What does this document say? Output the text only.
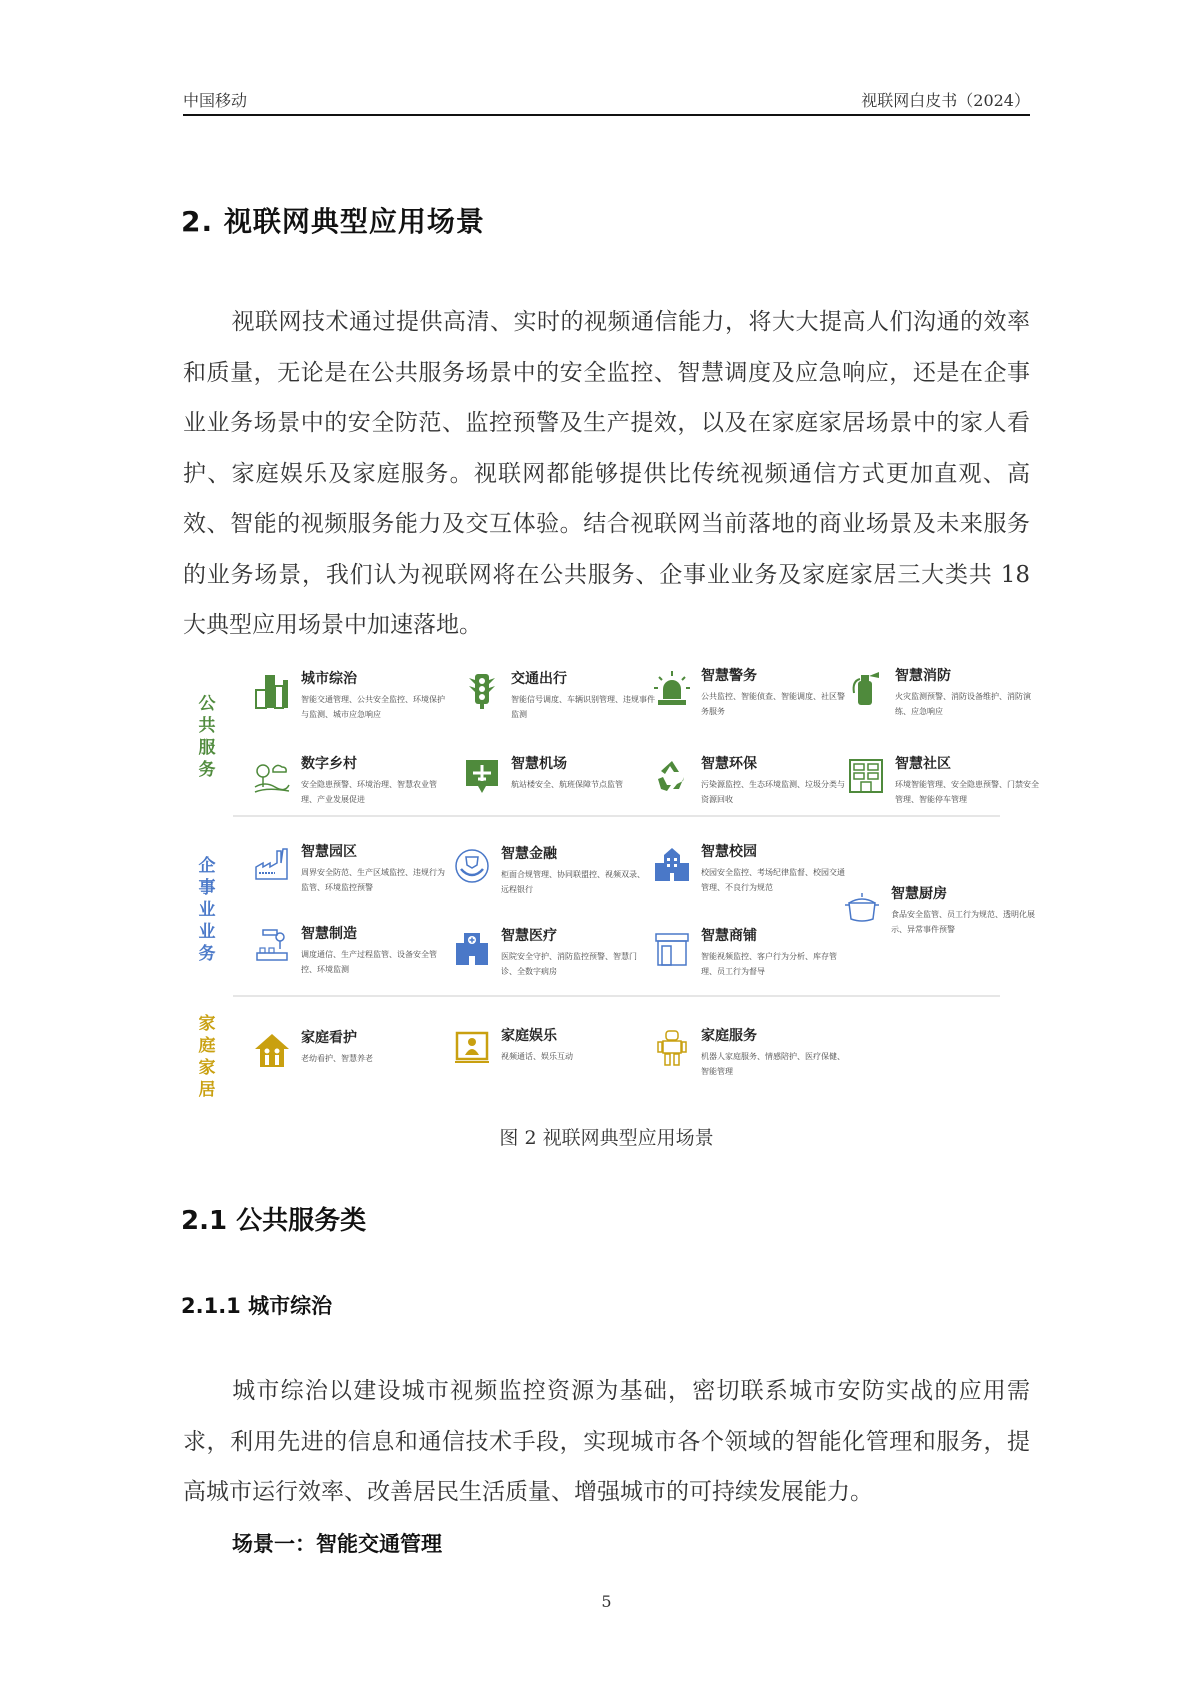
中国移动	视联网白皮书（2024）
2. 视联网典型应用场景
视联网技术通过提供高清、实时的视频通信能力，将大大提高人们沟通的效率和质量，无论是在公共服务场景中的安全监控、智慧调度及应急响应，还是在企事业业务场景中的安全防范、监控预警及生产提效，以及在家庭家居场景中的家人看护、家庭娱乐及家庭服务。视联网都能够提供比传统视频通信方式更加直观、高效、智能的视频服务能力及交互体验。结合视联网当前落地的商业场景及未来服务的业务场景，我们认为视联网将在公共服务、企事业业务及家庭家居三大类共 18 大典型应用场景中加速落地。
公共服务
企事业业务
家庭家居
城市综治
智能交通管理、公共安全监控、环境保护与监测、城市应急响应
交通出行
智能信号调度、车辆识别管理、违规事件监测
智慧警务
公共监控、智能侦查、智能调度、社区警务服务
智慧消防
火灾监测预警、消防设备维护、消防演练、应急响应
数字乡村
安全隐患预警、环境治理、智慧农业管理、产业发展促进
智慧机场
航站楼安全、航班保障节点监管
智慧环保
污染源监控、生态环境监测、垃圾分类与资源回收
智慧社区
环境智能管理、安全隐患预警、门禁安全管理、智能停车管理
智慧园区
周界安全防范、生产区域监控、违规行为监管、环境监控预警
智慧金融
柜面合规管理、协同联盟控、视频双录、远程银行
智慧校园
校园安全监控、考场纪律监督、校园交通管理、不良行为规范	智慧厨房
食品安全监管、员工行为规范、透明化展示、异常事件预警
智慧制造
调度通信、生产过程监管、设备安全管控、环境监测
智慧医疗
医院安全守护、消防监控预警、智慧门诊、全数字病房
智慧商铺
智能视频监控、客户行为分析、库存管理、员工行为督导
家庭看护
老幼看护、智慧养老
家庭娱乐
视频通话、娱乐互动
家庭服务
机器人家庭服务、情感陪护、医疗保健、智能管理
图 2 视联网典型应用场景
2.1 公共服务类
2.1.1 城市综治
城市综治以建设城市视频监控资源为基础，密切联系城市安防实战的应用需求，利用先进的信息和通信技术手段，实现城市各个领域的智能化管理和服务，提高城市运行效率、改善居民生活质量、增强城市的可持续发展能力。
场景一：智能交通管理
5
